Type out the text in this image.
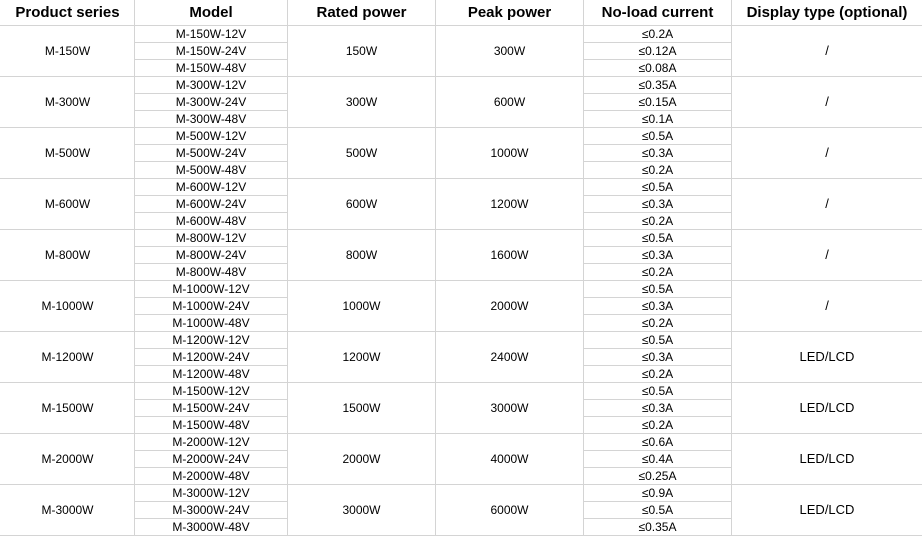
Product series	Model	Rated power	Peak power	No-load current	Display type (optional)
M-150W	M-150W-12V	150W	300W	≤0.2A	/
	M-150W-24V			≤0.12A	
	M-150W-48V			≤0.08A	
M-300W	M-300W-12V	300W	600W	≤0.35A	/
	M-300W-24V			≤0.15A	
	M-300W-48V			≤0.1A	
M-500W	M-500W-12V	500W	1000W	≤0.5A	/
	M-500W-24V			≤0.3A	
	M-500W-48V			≤0.2A	
M-600W	M-600W-12V	600W	1200W	≤0.5A	/
	M-600W-24V			≤0.3A	
	M-600W-48V			≤0.2A	
M-800W	M-800W-12V	800W	1600W	≤0.5A	/
	M-800W-24V			≤0.3A	
	M-800W-48V			≤0.2A	
M-1000W	M-1000W-12V	1000W	2000W	≤0.5A	/
	M-1000W-24V			≤0.3A	
	M-1000W-48V			≤0.2A	
M-1200W	M-1200W-12V	1200W	2400W	≤0.5A	LED/LCD
	M-1200W-24V			≤0.3A	
	M-1200W-48V			≤0.2A	
M-1500W	M-1500W-12V	1500W	3000W	≤0.5A	LED/LCD
	M-1500W-24V			≤0.3A	
	M-1500W-48V			≤0.2A	
M-2000W	M-2000W-12V	2000W	4000W	≤0.6A	LED/LCD
	M-2000W-24V			≤0.4A	
	M-2000W-48V			≤0.25A	
M-3000W	M-3000W-12V	3000W	6000W	≤0.9A	LED/LCD
	M-3000W-24V			≤0.5A	
	M-3000W-48V			≤0.35A	
